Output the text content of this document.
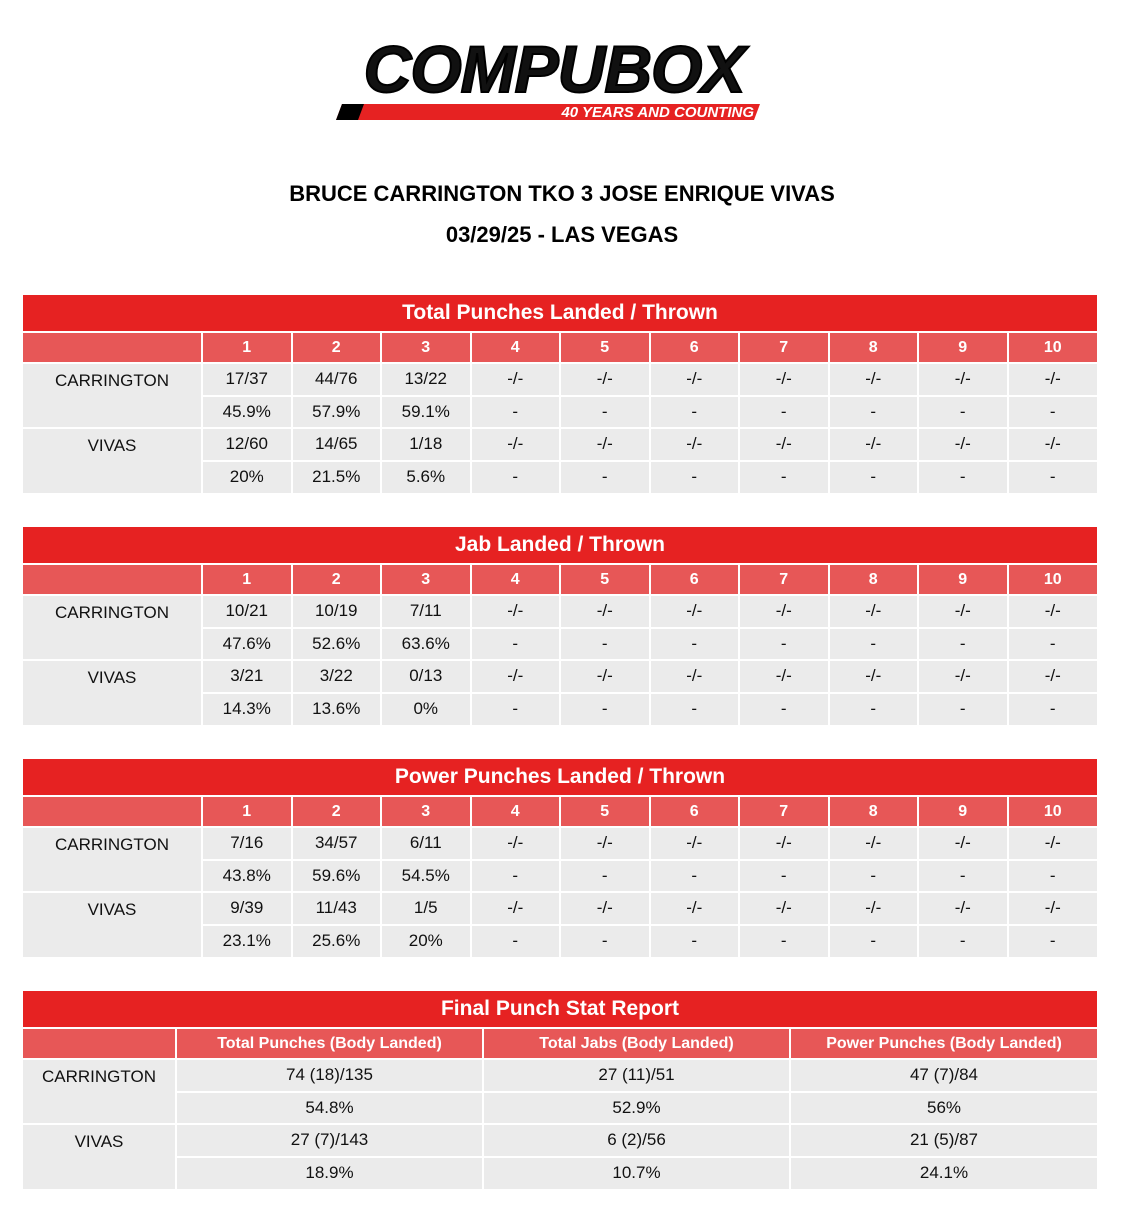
COMPUBOX
40 YEARS AND COUNTING
BRUCE CARRINGTON TKO 3 JOSE ENRIQUE VIVAS
03/29/25 - LAS VEGAS
Total Punches Landed / Thrown
	1	2	3	4	5	6	7	8	9	10
CARRINGTON	17/37	44/76	13/22	-/-	-/-	-/-	-/-	-/-	-/-	-/-
	45.9%	57.9%	59.1%	-	-	-	-	-	-	-
VIVAS	12/60	14/65	1/18	-/-	-/-	-/-	-/-	-/-	-/-	-/-
	20%	21.5%	5.6%	-	-	-	-	-	-	-
Jab Landed / Thrown
	1	2	3	4	5	6	7	8	9	10
CARRINGTON	10/21	10/19	7/11	-/-	-/-	-/-	-/-	-/-	-/-	-/-
	47.6%	52.6%	63.6%	-	-	-	-	-	-	-
VIVAS	3/21	3/22	0/13	-/-	-/-	-/-	-/-	-/-	-/-	-/-
	14.3%	13.6%	0%	-	-	-	-	-	-	-
Power Punches Landed / Thrown
	1	2	3	4	5	6	7	8	9	10
CARRINGTON	7/16	34/57	6/11	-/-	-/-	-/-	-/-	-/-	-/-	-/-
	43.8%	59.6%	54.5%	-	-	-	-	-	-	-
VIVAS	9/39	11/43	1/5	-/-	-/-	-/-	-/-	-/-	-/-	-/-
	23.1%	25.6%	20%	-	-	-	-	-	-	-
Final Punch Stat Report
	Total Punches (Body Landed)	Total Jabs (Body Landed)	Power Punches (Body Landed)
CARRINGTON	74 (18)/135	27 (11)/51	47 (7)/84
	54.8%	52.9%	56%
VIVAS	27 (7)/143	6 (2)/56	21 (5)/87
	18.9%	10.7%	24.1%
